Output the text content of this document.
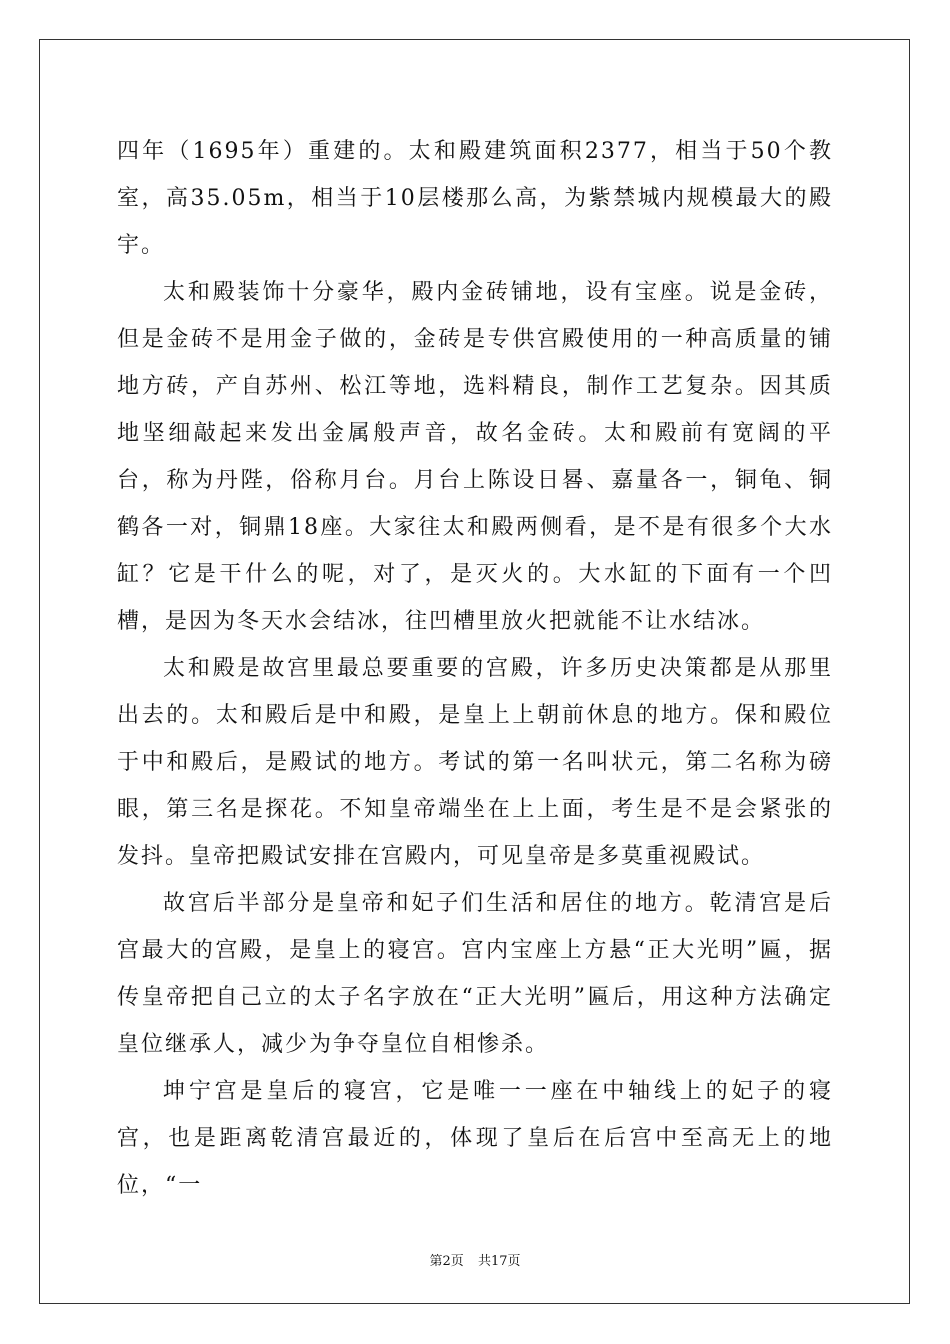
四年（1695年）重建的。太和殿建筑面积2377，相当于50个教室，高35.05m，相当于10层楼那么高，为紫禁城内规模最大的殿宇。

太和殿装饰十分豪华，殿内金砖铺地，设有宝座。说是金砖，但是金砖不是用金子做的，金砖是专供宫殿使用的一种高质量的铺地方砖，产自苏州、松江等地，选料精良，制作工艺复杂。因其质地坚细敲起来发出金属般声音，故名金砖。太和殿前有宽阔的平台，称为丹陛，俗称月台。月台上陈设日晷、嘉量各一，铜龟、铜鹤各一对，铜鼎18座。大家往太和殿两侧看，是不是有很多个大水缸？它是干什么的呢，对了，是灭火的。大水缸的下面有一个凹槽，是因为冬天水会结冰，往凹槽里放火把就能不让水结冰。

太和殿是故宫里最总要重要的宫殿，许多历史决策都是从那里出去的。太和殿后是中和殿，是皇上上朝前休息的地方。保和殿位于中和殿后，是殿试的地方。考试的第一名叫状元，第二名称为磅眼，第三名是探花。不知皇帝端坐在上上面，考生是不是会紧张的发抖。皇帝把殿试安排在宫殿内，可见皇帝是多莫重视殿试。

故宫后半部分是皇帝和妃子们生活和居住的地方。乾清宫是后宫最大的宫殿，是皇上的寝宫。宫内宝座上方悬“正大光明”匾，据传皇帝把自己立的太子名字放在“正大光明”匾后，用这种方法确定皇位继承人，减少为争夺皇位自相惨杀。

坤宁宫是皇后的寝宫，它是唯一一座在中轴线上的妃子的寝宫，也是距离乾清宫最近的，体现了皇后在后宫中至高无上的地位，“一

第2页 共17页
